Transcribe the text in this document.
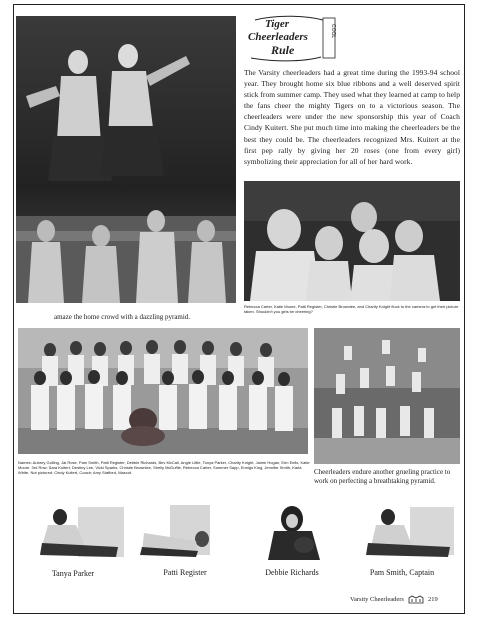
Tiger
Cheerleaders
Rule
COOL

The Varsity cheerleaders had a great time during the 1993-94 school year. They brought home six blue ribbons and a well deserved spirit stick from summer camp. They used what they learned at camp to help the fans cheer the mighty Tigers on to a victorious season. The cheerleaders were under the new sponsorship this year of Coach Cindy Kuitert. She put much time into making the cheerleaders be the best they could be. The cheerleaders recognized Mrs. Kuitert at the first pep rally by giving her 20 roses (one from every girl) symbolizing their appreciation for all of her hard work.

Rebecca Carter, Katie Moore, Patti Register, Christie Brownlee, and Charity Knight flock to the camera to get their picture taken. Shouldn't you girls be cheering?

amaze the home crowd with a dazzling pyramid.

Names: Aubrey Golling, Jai Rose, Pam Smith, Patti Register, Debbie Richards, Bev McCall, Angie Little, Tonya Parker, Charity Knight, Jaime Hogan, Erin Eells, Katie Moore. 3rd Row: Sara Kuitert, Destiny Lee, Vicki Sparks, Christie Brownlee, Shelly McDuffie, Rebecca Carter, Summer Sapp, Ennigs King, Jennifer Smith, Karla White. Not pictured: Cindy Kuitert, Coach; Amy Stafford, Mascot.	Cheerleaders endure another grueling practice to work on perfecting a breathtaking pyramid.

Tanya Parker	Patti Register	Debbie Richards	Pam Smith, Captain

Varsity Cheerleaders	219
